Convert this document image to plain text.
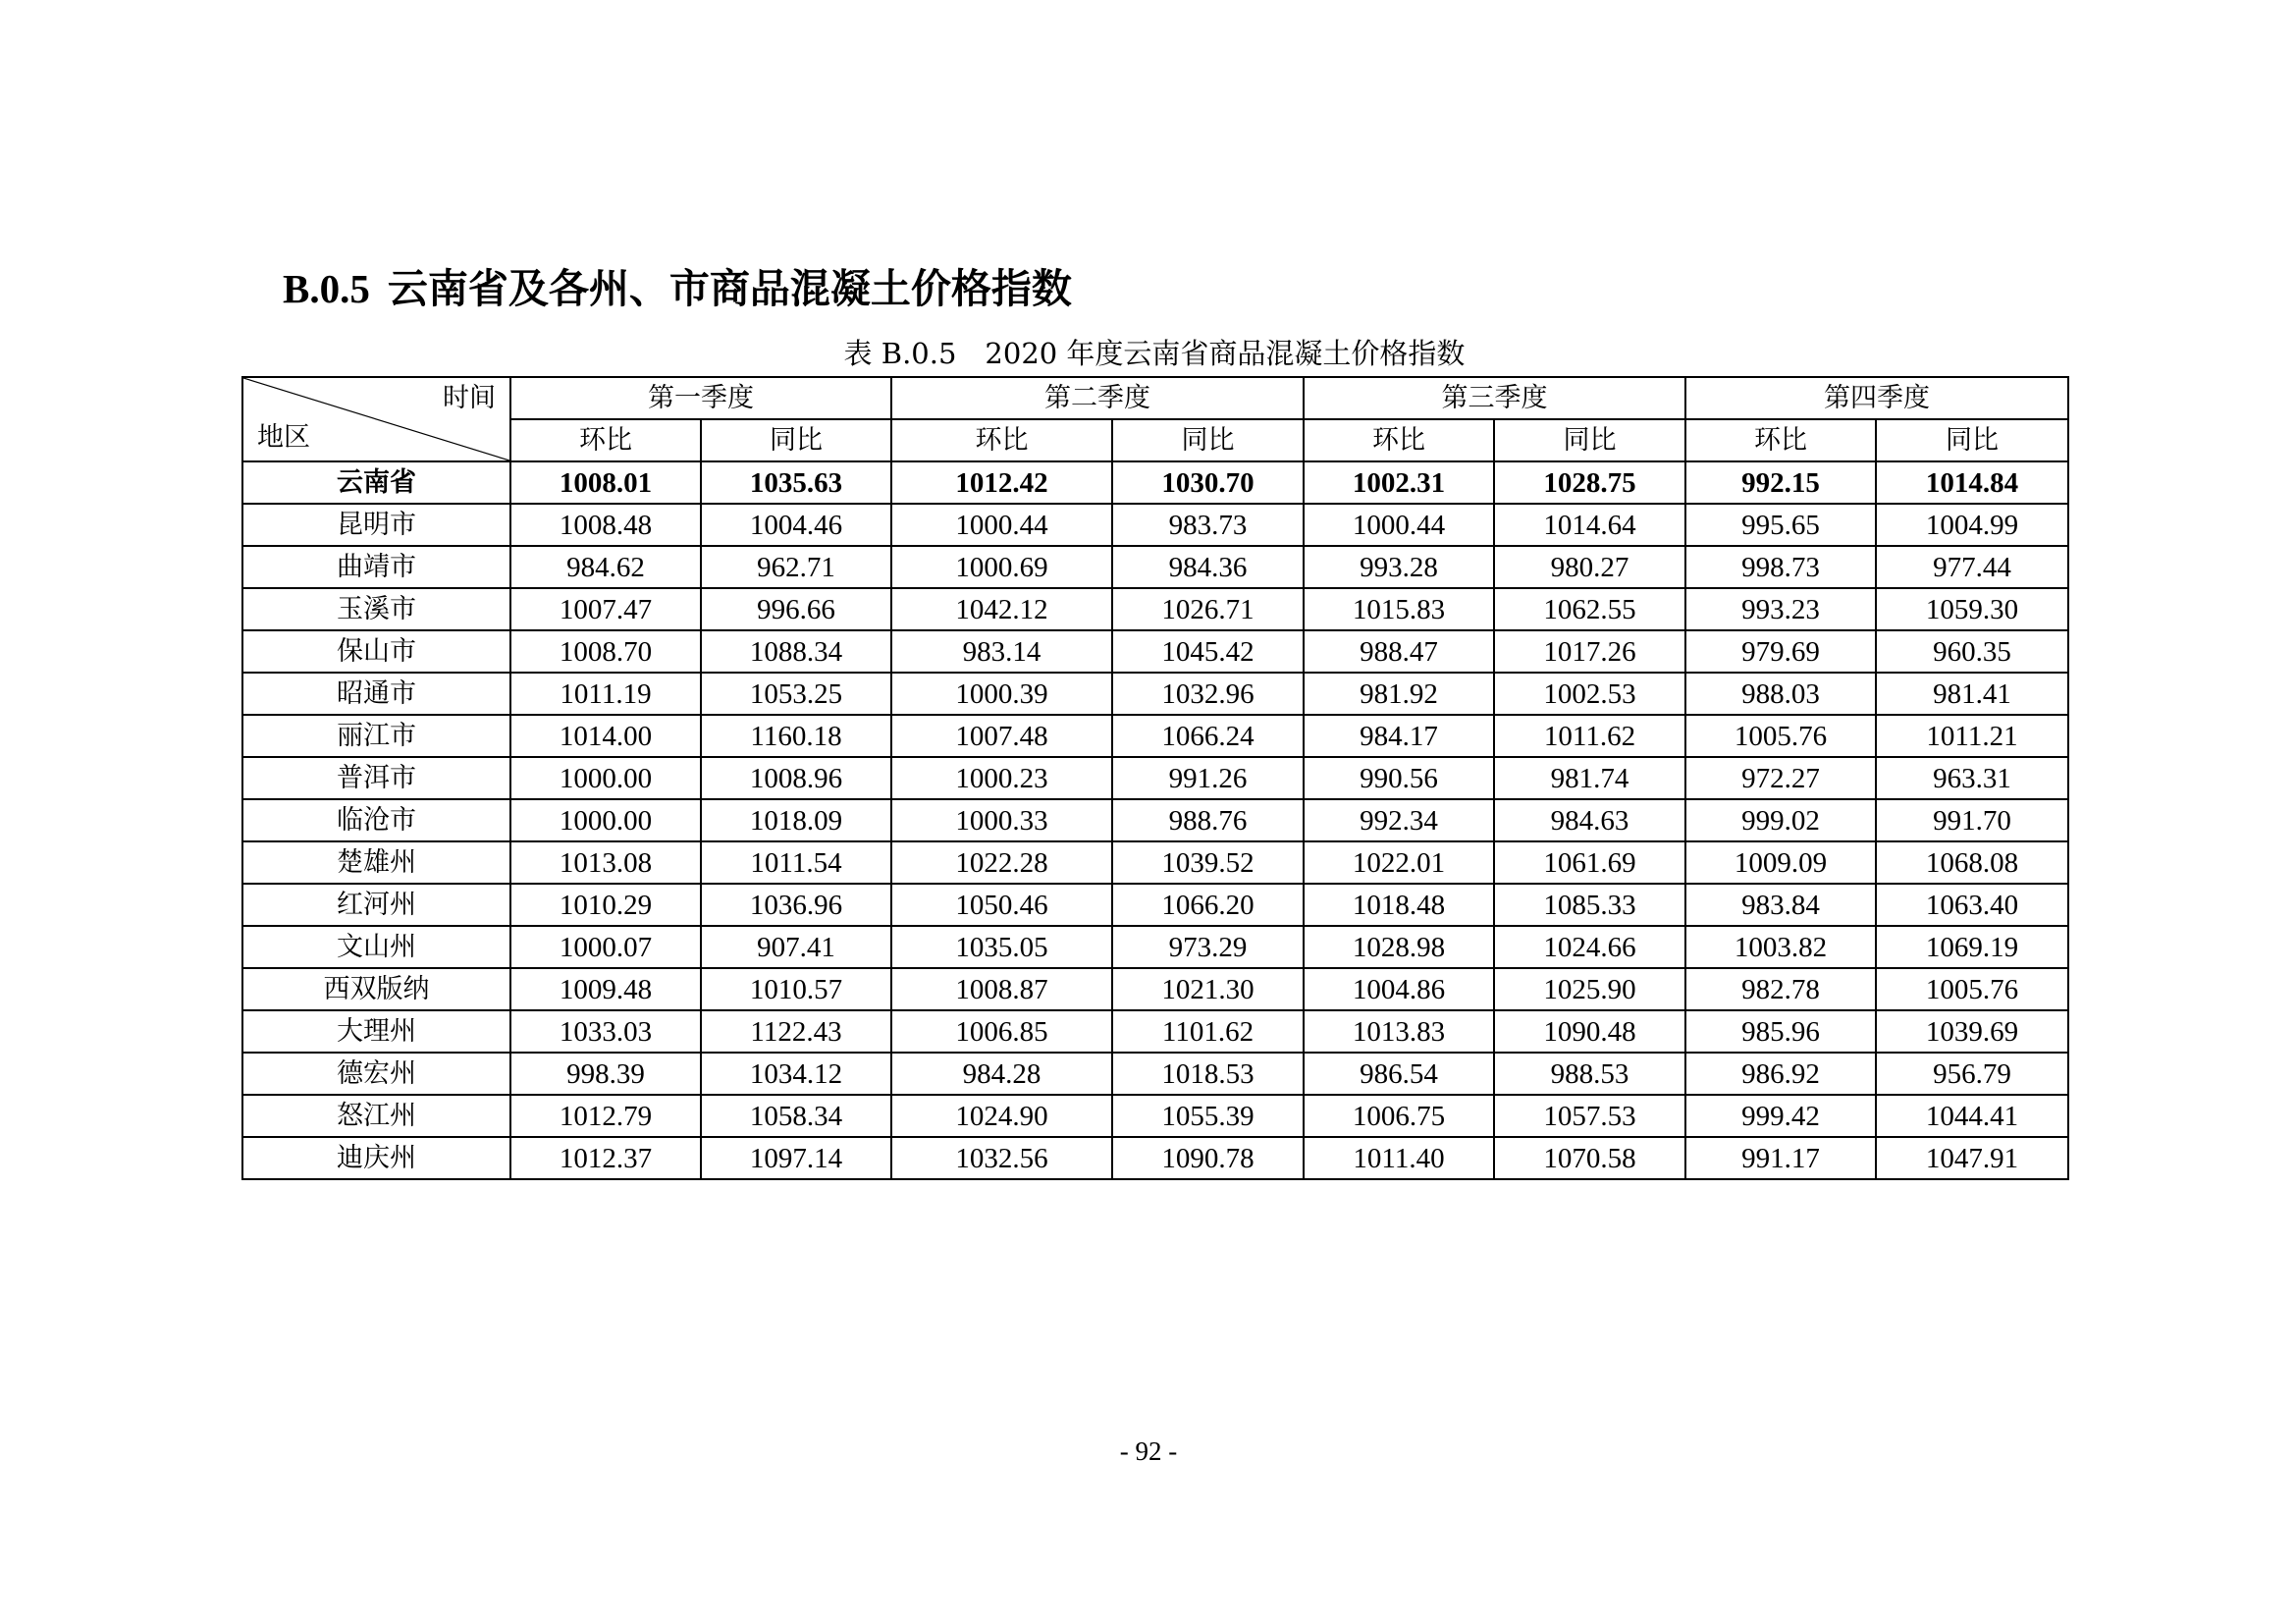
B.0.5 云南省及各州、市商品混凝土价格指数
表 B.0.5　2020 年度云南省商品混凝土价格指数
时间
地区	第一季度		第二季度		第三季度		第四季度	
	环比	同比	环比	同比	环比	同比	环比	同比
云南省	1008.01	1035.63	1012.42	1030.70	1002.31	1028.75	992.15	1014.84
昆明市	1008.48	1004.46	1000.44	983.73	1000.44	1014.64	995.65	1004.99
曲靖市	984.62	962.71	1000.69	984.36	993.28	980.27	998.73	977.44
玉溪市	1007.47	996.66	1042.12	1026.71	1015.83	1062.55	993.23	1059.30
保山市	1008.70	1088.34	983.14	1045.42	988.47	1017.26	979.69	960.35
昭通市	1011.19	1053.25	1000.39	1032.96	981.92	1002.53	988.03	981.41
丽江市	1014.00	1160.18	1007.48	1066.24	984.17	1011.62	1005.76	1011.21
普洱市	1000.00	1008.96	1000.23	991.26	990.56	981.74	972.27	963.31
临沧市	1000.00	1018.09	1000.33	988.76	992.34	984.63	999.02	991.70
楚雄州	1013.08	1011.54	1022.28	1039.52	1022.01	1061.69	1009.09	1068.08
红河州	1010.29	1036.96	1050.46	1066.20	1018.48	1085.33	983.84	1063.40
文山州	1000.07	907.41	1035.05	973.29	1028.98	1024.66	1003.82	1069.19
西双版纳	1009.48	1010.57	1008.87	1021.30	1004.86	1025.90	982.78	1005.76
大理州	1033.03	1122.43	1006.85	1101.62	1013.83	1090.48	985.96	1039.69
德宏州	998.39	1034.12	984.28	1018.53	986.54	988.53	986.92	956.79
怒江州	1012.79	1058.34	1024.90	1055.39	1006.75	1057.53	999.42	1044.41
迪庆州	1012.37	1097.14	1032.56	1090.78	1011.40	1070.58	991.17	1047.91
- 92 -
